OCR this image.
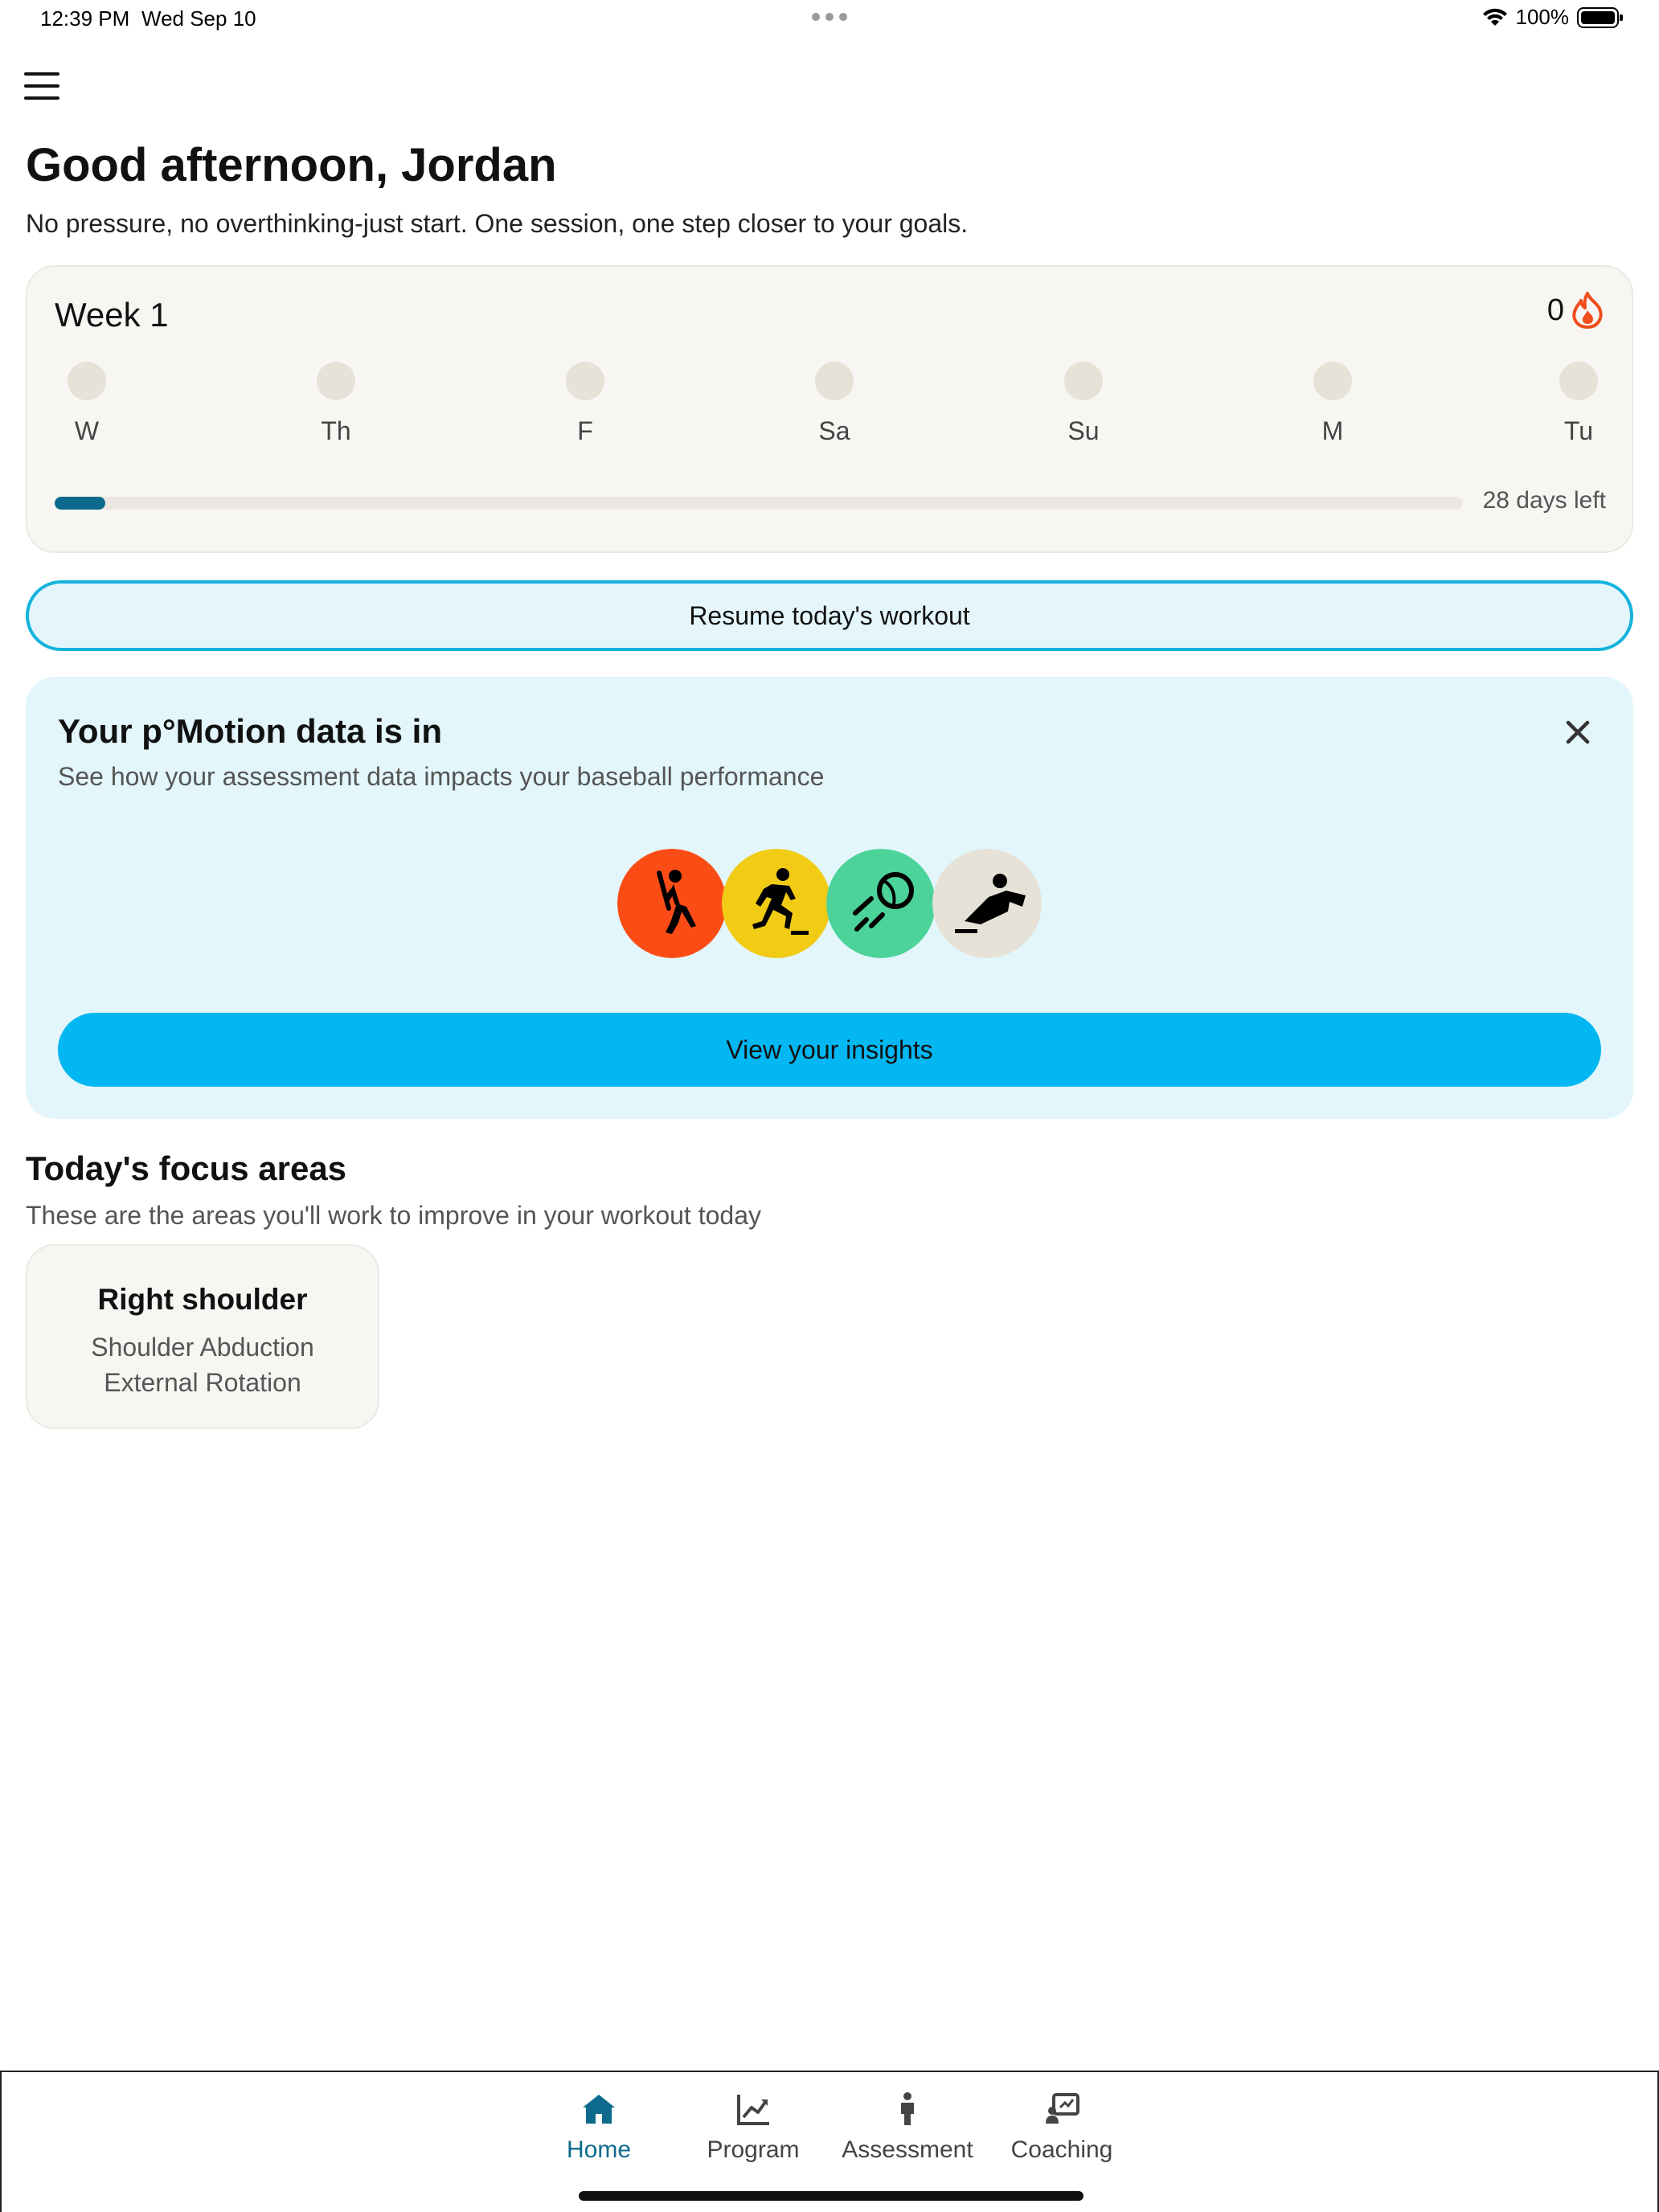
12:39 PM Wed Sep 10	100%
Good afternoon, Jordan

No pressure, no overthinking-just start. One session, one step closer to your goals.

Week 1	0
W	Th	F	Sa	Su	M	Tu
28 days left
Resume today's workout
Your p°Motion data is in
See how your assessment data impacts your baseball performance
View your insights
Today's focus areas

These are the areas you'll work to improve in your workout today

Right shoulder
Shoulder Abduction
External Rotation
Home	Program	Assessment	Coaching
